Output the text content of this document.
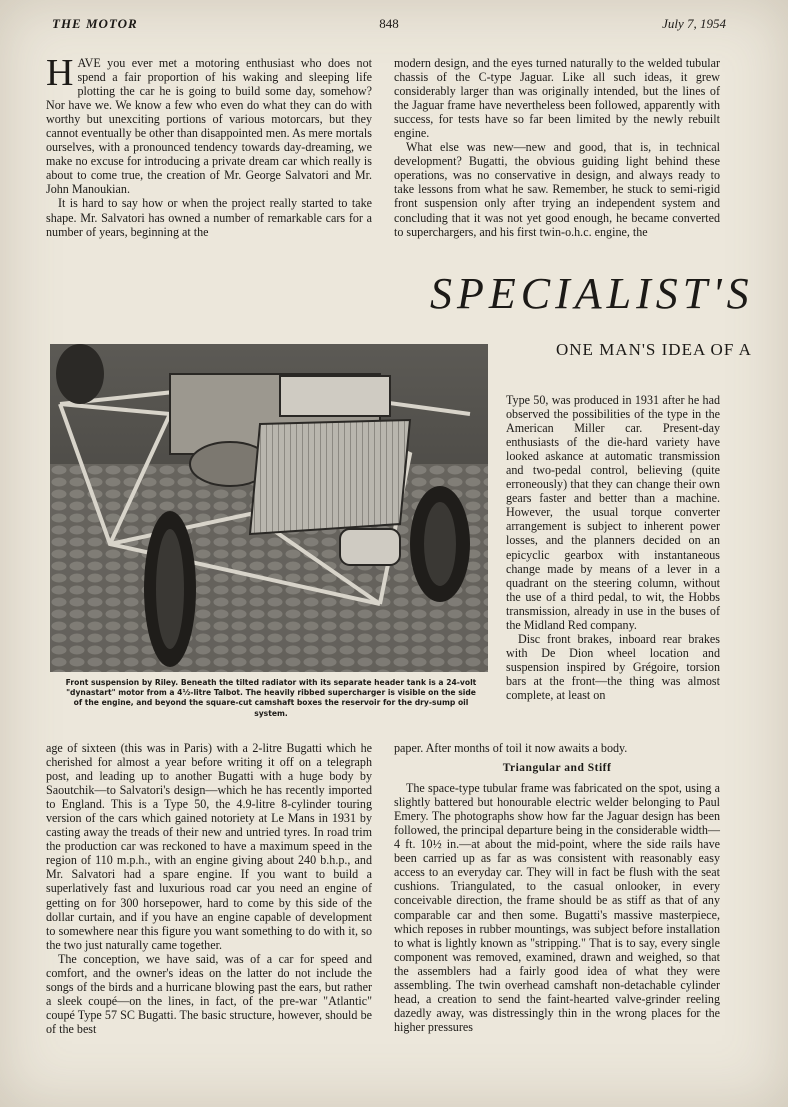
THE MOTOR	848	July 7, 1954

HAVE you ever met a motoring enthusiast who does not spend a fair proportion of his waking and sleeping life plotting the car he is going to build some day, somehow? Nor have we. We know a few who even do what they can do with worthy but unexciting portions of various motorcars, but they cannot eventually be other than disappointed men. As mere mortals ourselves, with a pronounced tendency towards day-dreaming, we make no excuse for introducing a private dream car which really is about to come true, the creation of Mr. George Salvatori and Mr. John Manoukian.

It is hard to say how or when the project really started to take shape. Mr. Salvatori has owned a number of remarkable cars for a number of years, beginning at the

modern design, and the eyes turned naturally to the welded tubular chassis of the C-type Jaguar. Like all such ideas, it grew considerably larger than was originally intended, but the lines of the Jaguar frame have nevertheless been followed, apparently with success, for tests have so far been limited by the newly rebuilt engine.

What else was new—new and good, that is, in technical development? Bugatti, the obvious guiding light behind these operations, was no conservative in design, and always ready to take lessons from what he saw. Remember, he stuck to semi-rigid front suspension only after trying an independent system and concluding that it was not yet good enough, he became converted to superchargers, and his first twin-o.h.c. engine, the

SPECIALIST'S
ONE MAN'S IDEA OF A
Front suspension by Riley. Beneath the tilted radiator with its separate header tank is a 24-volt "dynastart" motor from a 4½-litre Talbot. The heavily ribbed supercharger is visible on the side of the engine, and beyond the square-cut camshaft boxes the reservoir for the dry-sump oil system.

Type 50, was produced in 1931 after he had observed the possibilities of the type in the American Miller car. Present-day enthusiasts of the die-hard variety have looked askance at automatic transmission and two-pedal control, believing (quite erroneously) that they can change their own gears faster and better than a machine. However, the usual torque converter arrangement is subject to inherent power losses, and the planners decided on an epicyclic gearbox with instantaneous change made by means of a lever in a quadrant on the steering column, without the use of a third pedal, to wit, the Hobbs transmission, already in use in the buses of the Midland Red company.

Disc front brakes, inboard rear brakes with De Dion wheel location and suspension inspired by Grégoire, torsion bars at the front—the thing was almost complete, at least on

age of sixteen (this was in Paris) with a 2-litre Bugatti which he cherished for almost a year before writing it off on a telegraph post, and leading up to another Bugatti with a huge body by Saoutchik—to Salvatori's design—which he has recently imported to England. This is a Type 50, the 4.9-litre 8-cylinder touring version of the cars which gained notoriety at Le Mans in 1931 by casting away the treads of their new and untried tyres. In road trim the production car was reckoned to have a maximum speed in the region of 110 m.p.h., with an engine giving about 240 b.h.p., and Mr. Salvatori had a spare engine. If you want to build a superlatively fast and luxurious road car you need an engine of getting on for 300 horsepower, hard to come by this side of the dollar curtain, and if you have an engine capable of development to somewhere near this figure you want something to do with it, so the two just naturally came together.

The conception, we have said, was of a car for speed and comfort, and the owner's ideas on the latter do not include the songs of the birds and a hurricane blowing past the ears, but rather a sleek coupé—on the lines, in fact, of the pre-war "Atlantic" coupé Type 57 SC Bugatti. The basic structure, however, should be of the best

paper. After months of toil it now awaits a body.

Triangular and Stiff

The space-type tubular frame was fabricated on the spot, using a slightly battered but honourable electric welder belonging to Paul Emery. The photographs show how far the Jaguar design has been followed, the principal departure being in the considerable width—4 ft. 10½ in.—at about the mid-point, where the side rails have been carried up as far as was consistent with reasonably easy access to an everyday car. They will in fact be flush with the seat cushions. Triangulated, to the casual onlooker, in every conceivable direction, the frame should be as stiff as that of any comparable car and then some. Bugatti's massive masterpiece, which reposes in rubber mountings, was subject before installation to what is lightly known as "stripping." That is to say, every single component was removed, examined, drawn and weighed, so that the assemblers had a fairly good idea of what they were assembling. The twin overhead camshaft non-detachable cylinder head, a creation to send the faint-hearted valve-grinder reeling dazedly away, was distressingly thin in the wrong places for the higher pressures
